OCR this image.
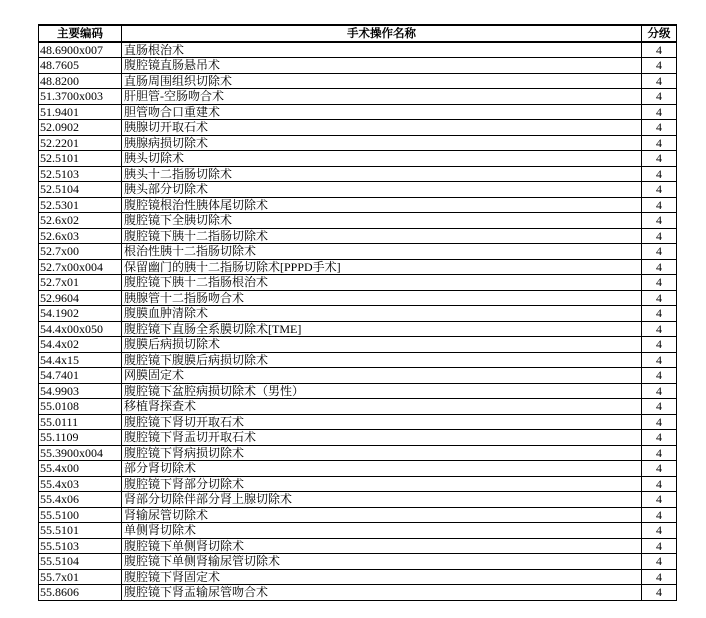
主要编码	手术操作名称	分级
48.6900x007	直肠根治术	4
48.7605	腹腔镜直肠悬吊术	4
48.8200	直肠周围组织切除术	4
51.3700x003	肝胆管-空肠吻合术	4
51.9401	胆管吻合口重建术	4
52.0902	胰腺切开取石术	4
52.2201	胰腺病损切除术	4
52.5101	胰头切除术	4
52.5103	胰头十二指肠切除术	4
52.5104	胰头部分切除术	4
52.5301	腹腔镜根治性胰体尾切除术	4
52.6x02	腹腔镜下全胰切除术	4
52.6x03	腹腔镜下胰十二指肠切除术	4
52.7x00	根治性胰十二指肠切除术	4
52.7x00x004	保留幽门的胰十二指肠切除术[PPPD手术]	4
52.7x01	腹腔镜下胰十二指肠根治术	4
52.9604	胰腺管十二指肠吻合术	4
54.1902	腹膜血肿清除术	4
54.4x00x050	腹腔镜下直肠全系膜切除术[TME]	4
54.4x02	腹膜后病损切除术	4
54.4x15	腹腔镜下腹膜后病损切除术	4
54.7401	网膜固定术	4
54.9903	腹腔镜下盆腔病损切除术（男性）	4
55.0108	移植肾探查术	4
55.0111	腹腔镜下肾切开取石术	4
55.1109	腹腔镜下肾盂切开取石术	4
55.3900x004	腹腔镜下肾病损切除术	4
55.4x00	部分肾切除术	4
55.4x03	腹腔镜下肾部分切除术	4
55.4x06	肾部分切除伴部分肾上腺切除术	4
55.5100	肾输尿管切除术	4
55.5101	单侧肾切除术	4
55.5103	腹腔镜下单侧肾切除术	4
55.5104	腹腔镜下单侧肾输尿管切除术	4
55.7x01	腹腔镜下肾固定术	4
55.8606	腹腔镜下肾盂输尿管吻合术	4
